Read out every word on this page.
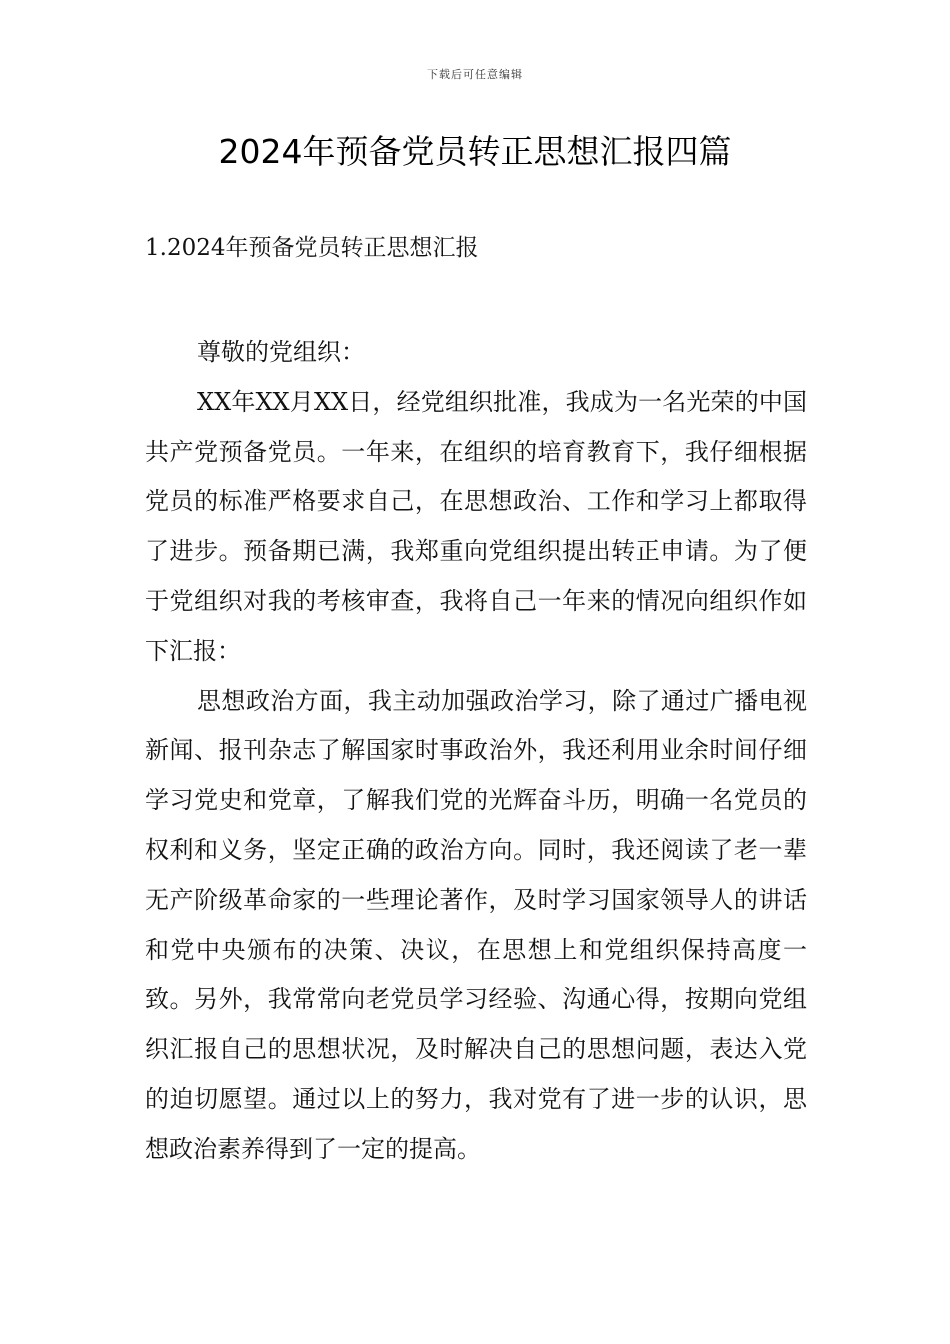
下载后可任意编辑
2024年预备党员转正思想汇报四篇
1.2024年预备党员转正思想汇报

尊敬的党组织：

XX年XX月XX日，经党组织批准，我成为一名光荣的中国共产党预备党员。一年来，在组织的培育教育下，我仔细根据党员的标准严格要求自己，在思想政治、工作和学习上都取得了进步。预备期已满，我郑重向党组织提出转正申请。为了便于党组织对我的考核审查，我将自己一年来的情况向组织作如下汇报：

思想政治方面，我主动加强政治学习，除了通过广播电视新闻、报刊杂志了解国家时事政治外，我还利用业余时间仔细学习党史和党章，了解我们党的光辉奋斗历，明确一名党员的权利和义务，坚定正确的政治方向。同时，我还阅读了老一辈无产阶级革命家的一些理论著作，及时学习国家领导人的讲话和党中央颁布的决策、决议，在思想上和党组织保持高度一致。另外，我常常向老党员学习经验、沟通心得，按期向党组织汇报自己的思想状况，及时解决自己的思想问题，表达入党的迫切愿望。通过以上的努力，我对党有了进一步的认识，思想政治素养得到了一定的提高。
